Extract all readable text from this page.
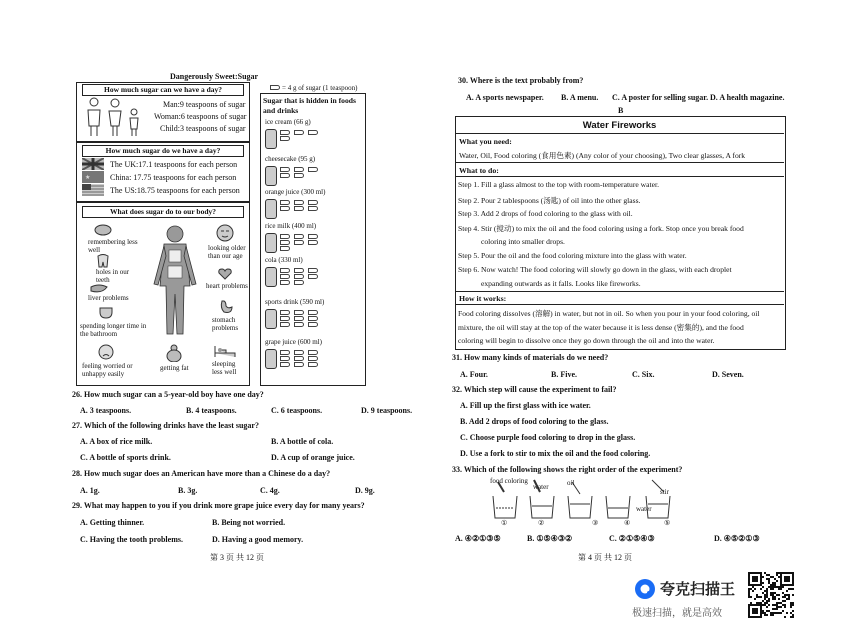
Dangerously Sweet:Sugar
= 4 g of sugar (1 teaspoon)
How much sugar can we have a day?
Man:9 teaspoons of sugar
Woman:6 teaspoons of sugar
Child:3 teaspoons of sugar
How much sugar do we have a day?
★
The UK:17.1 teaspoons for each person
China: 17.75 teaspoons for each person
The US:18.75 teaspoons for each person
What does sugar do to our body?
remembering less well
holes in our teeth
liver problems
spending longer time in the bathroom
feeling worried or unhappy easily
getting fat
looking older than our age
heart problems
stomach problems
sleeping less well
Sugar that is hidden in foods and drinks
ice cream (66 g)
cheesecake (95 g)
orange juice (300 ml)
rice milk (400 ml)
cola (330 ml)
sports drink (590 ml)
grape juice (600 ml)
26. How much sugar can a 5-year-old boy have one day?
A. 3 teaspoons.	B. 4 teaspoons.	C. 6 teaspoons.	D. 9 teaspoons.
27. Which of the following drinks have the least sugar?
A. A box of rice milk.	B. A bottle of cola.
C. A bottle of sports drink.	D. A cup of orange juice.
28. How much sugar does an American have more than a Chinese do a day?
A. 1g.	B. 3g.	C. 4g.	D. 9g.
29. What may happen to you if you drink more grape juice every day for many years?
A. Getting thinner.	B. Being not worried.
C. Having the tooth problems.	D. Having a good memory.
第 3 页 共 12 页
30. Where is the text probably from?
A. A sports newspaper. B. A menu. C. A poster for selling sugar. D. A health magazine.
B
Water Fireworks
What you need:
Water, Oil, Food coloring (食用色素) (Any color of your choosing), Two clear glasses, A fork
What to do:
Step 1. Fill a glass almost to the top with room-temperature water.
Step 2. Pour 2 tablespoons (汤匙) of oil into the other glass.
Step 3. Add 2 drops of food coloring to the glass with oil.
Step 4. Stir (搅动) to mix the oil and the food coloring using a fork. Stop once you break food
coloring into smaller drops.
Step 5. Pour the oil and the food coloring mixture into the glass with water.
Step 6. Now watch! The food coloring will slowly go down in the glass, with each droplet
expanding outwards as it falls. Looks like fireworks.
How it works:
Food coloring dissolves (溶解) in water, but not in oil. So when you pour in your food coloring, oil
mixture, the oil will stay at the top of the water because it is less dense (密集的), and the food
coloring will begin to dissolve once they go down through the oil and into the water.
31. How many kinds of materials do we need?
A. Four.	B. Five.	C. Six.	D. Seven.
32. Which step will cause the experiment to fail?
A. Fill up the first glass with ice water.
B. Add 2 drops of food coloring to the glass.
C. Choose purple food coloring to drop in the glass.
D. Use a fork to stir to mix the oil and the food coloring.
33. Which of the following shows the right order of the experiment?
food coloring
water	oil
water
stir
①	②	③	④	⑤
A. ④②①③⑤	B. ①⑤④③②	C. ②①⑤④③	D. ④⑤②①③
第 4 页 共 12 页
夸克扫描王
极速扫描，就是高效
